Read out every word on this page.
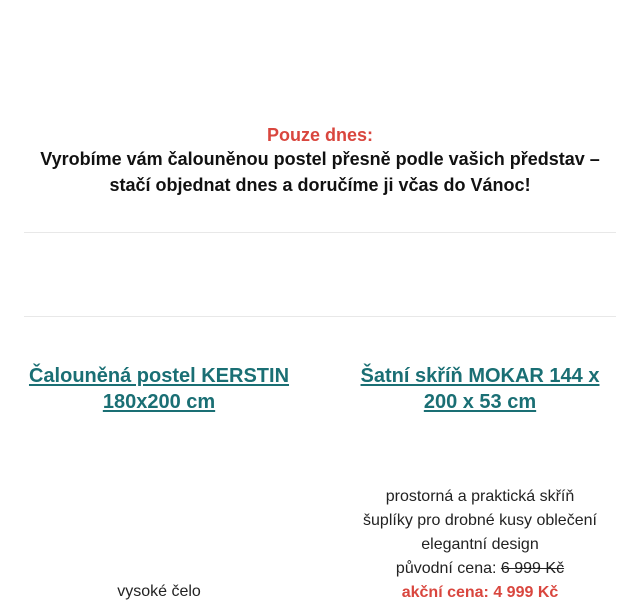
Pouze dnes:
Vyrobíme vám čalouněnou postel přesně podle vašich představ –
stačí objednat dnes a doručíme ji včas do Vánoc!
Čalouněná postel KERSTIN
180x200 cm
Šatní skříň MOKAR 144 x
200 x 53 cm
vysoké čelo
prostorná a praktická skříň
šuplíky pro drobné kusy oblečení
elegantní design
původní cena: 6 999 Kč
akční cena: 4 999 Kč
